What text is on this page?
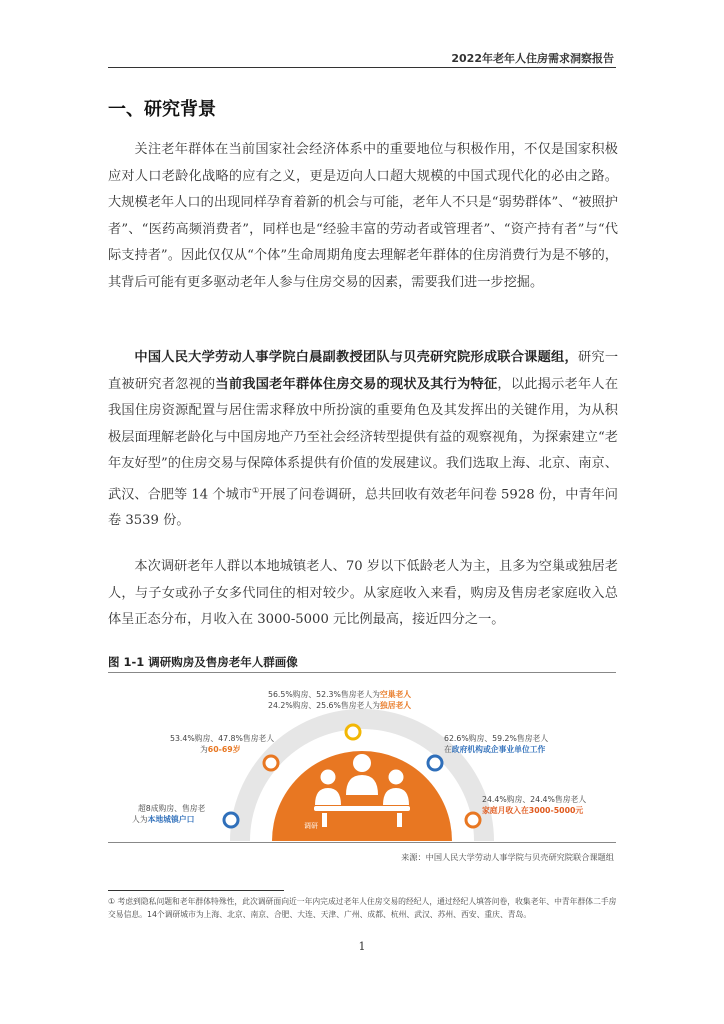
2022年老年人住房需求洞察报告
一、研究背景

关注老年群体在当前国家社会经济体系中的重要地位与积极作用，不仅是国家积极应对人口老龄化战略的应有之义，更是迈向人口超大规模的中国式现代化的必由之路。大规模老年人口的出现同样孕育着新的机会与可能，老年人不只是“弱势群体”、“被照护者”、“医药高频消费者”，同样也是“经验丰富的劳动者或管理者”、“资产持有者”与“代际支持者”。因此仅仅从“个体”生命周期角度去理解老年群体的住房消费行为是不够的，其背后可能有更多驱动老年人参与住房交易的因素，需要我们进一步挖掘。

中国人民大学劳动人事学院白晨副教授团队与贝壳研究院形成联合课题组，研究一直被研究者忽视的当前我国老年群体住房交易的现状及其行为特征，以此揭示老年人在我国住房资源配置与居住需求释放中所扮演的重要角色及其发挥出的关键作用，为从积极层面理解老龄化与中国房地产乃至社会经济转型提供有益的观察视角，为探索建立“老年友好型”的住房交易与保障体系提供有价值的发展建议。我们选取上海、北京、南京、武汉、合肥等 14 个城市①开展了问卷调研，总共回收有效老年问卷 5928 份，中青年问卷 3539 份。

本次调研老年人群以本地城镇老人、70 岁以下低龄老人为主，且多为空巢或独居老人，与子女或孙子女多代同住的相对较少。从家庭收入来看，购房及售房老家庭收入总体呈正态分布，月收入在 3000-5000 元比例最高，接近四分之一。

图 1-1 调研购房及售房老年人群画像
调研
56.5%购房、52.3%售房老人为空巢老人
24.2%购房、25.6%售房老人为独居老人
53.4%购房、47.8%售房老人
为60-69岁
超8成购房、售房老
人为本地城镇户口
62.6%购房、59.2%售房老人
在政府机构或企事业单位工作
24.4%购房、24.4%售房老人
家庭月收入在3000-5000元
来源：中国人民大学劳动人事学院与贝壳研究院联合课题组
① 考虑到隐私问题和老年群体特殊性，此次调研面向近一年内完成过老年人住房交易的经纪人，通过经纪人填答问卷，收集老年、中青年群体二手房交易信息。14个调研城市为上海、北京、南京、合肥、大连、天津、广州、成都、杭州、武汉、苏州、西安、重庆、青岛。
1
